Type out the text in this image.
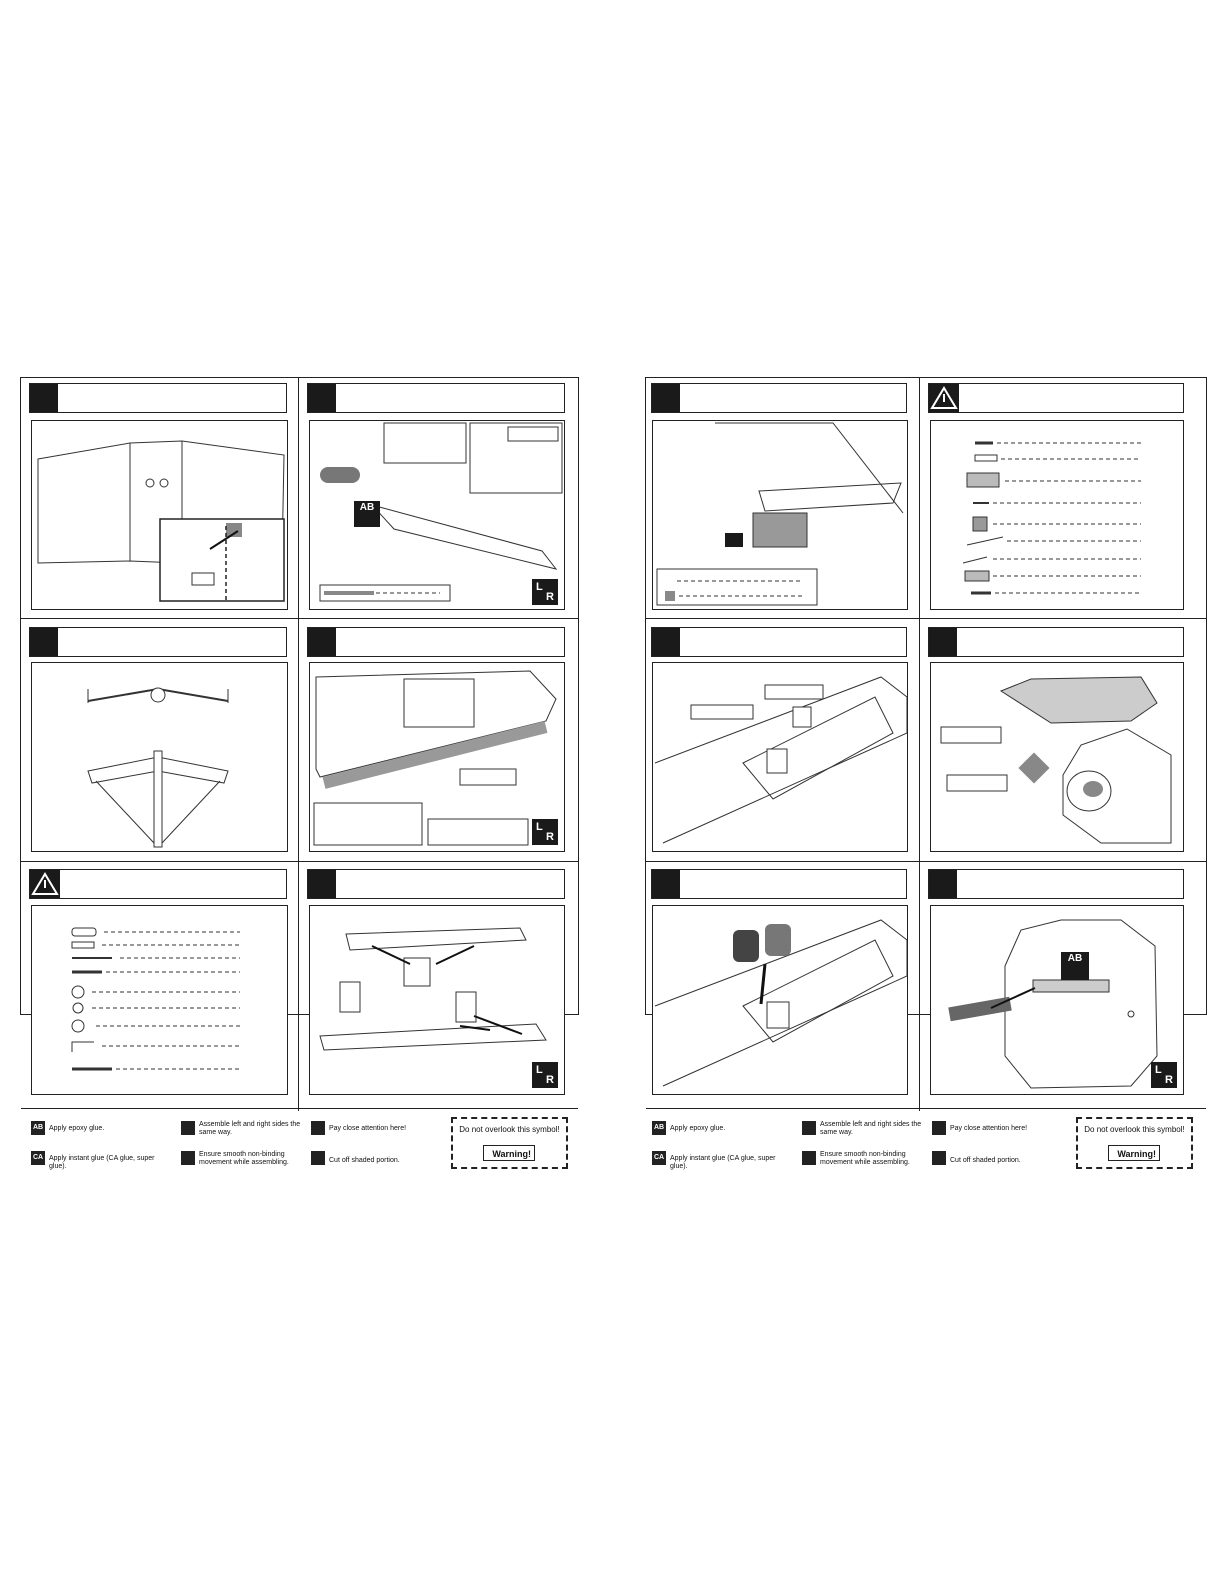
AB
L
R
L
R
L
R
AB Apply epoxy glue.
CA Apply instant glue (CA glue, super glue).
Assemble left and right sides the same way.
Ensure smooth non-binding movement while assembling.
Pay close attention here!
Cut off shaded portion.
Do not overlook this symbol!
Warning!
AB
L
R
AB Apply epoxy glue.
CA Apply instant glue (CA glue, super glue).
Assemble left and right sides the same way.
Ensure smooth non-binding movement while assembling.
Pay close attention here!
Cut off shaded portion.
Do not overlook this symbol!
Warning!
